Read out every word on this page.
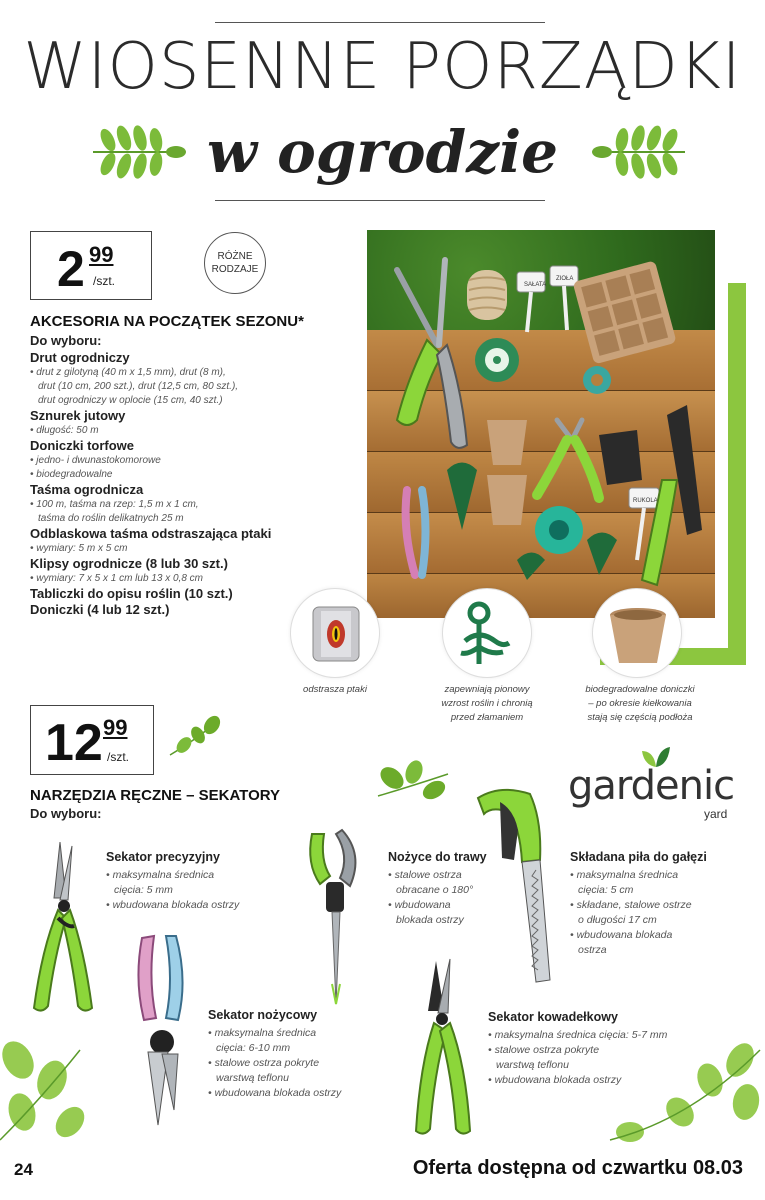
WIOSENNE PORZĄDKI
w ogrodzie
2 99
/szt.
RÓŻNE
RODZAJE
AKCESORIA NA POCZĄTEK SEZONU*
Do wyboru:
Drut ogrodniczy
• drut z gilotyną (40 m x 1,5 mm), drut (8 m),
drut (10 cm, 200 szt.), drut (12,5 cm, 80 szt.),
drut ogrodniczy w oplocie (15 cm, 40 szt.)
Sznurek jutowy
• długość: 50 m
Doniczki torfowe
• jedno- i dwunastokomorowe
• biodegradowalne
Taśma ogrodnicza
• 100 m, taśma na rzep: 1,5 m x 1 cm,
taśma do roślin delikatnych 25 m
Odblaskowa taśma odstraszająca ptaki
• wymiary: 5 m x 5 cm
Klipsy ogrodnicze (8 lub 30 szt.)
• wymiary: 7 x 5 x 1 cm lub 13 x 0,8 cm
Tabliczki do opisu roślin (10 szt.)
Doniczki (4 lub 12 szt.)
SAŁATA
ZIOŁA
RUKOLA
odstrasza ptaki	zapewniają pionowy
wzrost roślin i chronią
przed złamaniem
biodegradowalne doniczki
– po okresie kiełkowania
stają się częścią podłoża
12 99
/szt.
NARZĘDZIA RĘCZNE – SEKATORY
Do wyboru:
gardenic
yard
Sekator precyzyjny
• maksymalna średnica
cięcia: 5 mm
• wbudowana blokada ostrzy
Nożyce do trawy
• stalowe ostrza
obracane o 180°
• wbudowana
blokada ostrzy
Składana piła do gałęzi
• maksymalna średnica
cięcia: 5 cm
• składane, stalowe ostrze
o długości 17 cm
• wbudowana blokada
ostrza
Sekator nożycowy
• maksymalna średnica
cięcia: 6-10 mm
• stalowe ostrza pokryte
warstwą teflonu
• wbudowana blokada ostrzy
Sekator kowadełkowy
• maksymalna średnica cięcia: 5-7 mm
• stalowe ostrza pokryte
warstwą teflonu
• wbudowana blokada ostrzy
24	Oferta dostępna od czwartku 08.03
